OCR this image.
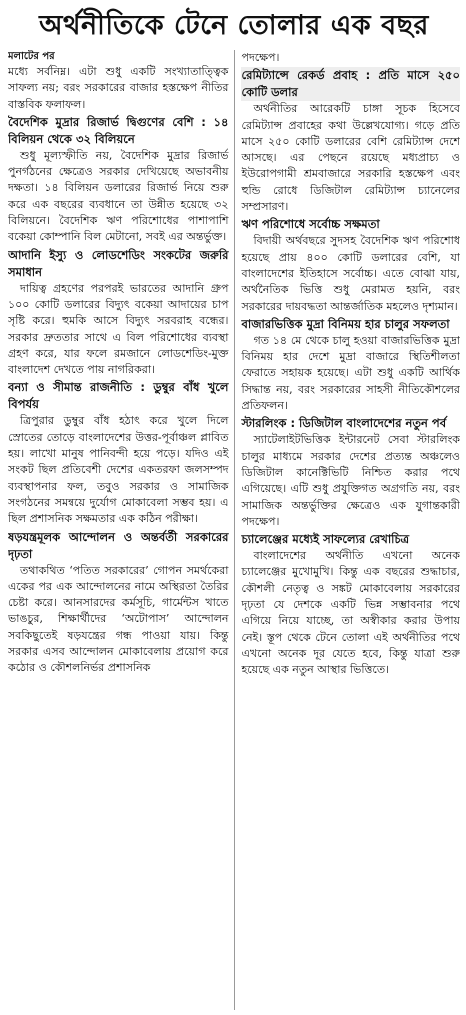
অর্থনীতিকে টেনে তোলার এক বছর
মলাটের পর

মধ্যে সর্বনিম্ন। এটা শুধু একটি সংখ্যাতাত্ত্বিক সাফল্য নয়; বরং সরকারের বাজার হস্তক্ষেপ নীতির বাস্তবিক ফলাফল।

বৈদেশিক মুদ্রার রিজার্ভ দ্বিগুণের বেশি : ১৪ বিলিয়ন থেকে ৩২ বিলিয়নে

শুধু মূল্যস্ফীতি নয়, বৈদেশিক মুদ্রার রিজার্ভ পুনর্গঠনের ক্ষেত্রেও সরকার দেখিয়েছে অভাবনীয় দক্ষতা। ১৪ বিলিয়ন ডলারের রিজার্ভ নিয়ে শুরু করে এক বছরের ব্যবধানে তা উন্নীত হয়েছে ৩২ বিলিয়নে। বৈদেশিক ঋণ পরিশোধের পাশাপাশি বকেয়া কোম্পানি বিল মেটানো, সবই এর অন্তর্ভুক্ত।

আদানি ইস্যু ও লোডশেডিং সংকটের জরুরি সমাধান

দায়িত্ব গ্রহণের পরপরই ভারতের আদানি গ্রুপ ১০০ কোটি ডলারের বিদ্যুৎ বকেয়া আদায়ের চাপ সৃষ্টি করে। হুমকি আসে বিদ্যুৎ সরবরাহ বন্ধের। সরকার দ্রুততার সাথে এ বিল পরিশোধের ব্যবস্থা গ্রহণ করে, যার ফলে রমজানে লোডশেডিং-মুক্ত বাংলাদেশ দেখতে পায় নাগরিকরা।

বন্যা ও সীমান্ত রাজনীতি : ডুম্বুর বাঁধ খুলে বিপর্যয়

ত্রিপুরার ডুম্বুর বাঁধ হঠাৎ করে খুলে দিলে স্রোতের তোড়ে বাংলাদেশের উত্তর-পূর্বাঞ্চল প্লাবিত হয়। লাখো মানুষ পানিবন্দী হয়ে পড়ে। যদিও এই সংকট ছিল প্রতিবেশী দেশের একতরফা জলসম্পদ ব্যবস্থাপনার ফল, তবুও সরকার ও সামাজিক সংগঠনের সমন্বয়ে দুর্যোগ মোকাবেলা সম্ভব হয়। এ ছিল প্রশাসনিক সক্ষমতার এক কঠিন পরীক্ষা।

ষড়যন্ত্রমূলক আন্দোলন ও অন্তর্বর্তী সরকারের দৃঢ়তা

তথাকথিত ‘পতিত সরকারের’ গোপন সমর্থকেরা একের পর এক আন্দোলনের নামে অস্থিরতা তৈরির চেষ্টা করে। আনসারদের কর্মসূচি, গার্মেন্টস খাতে ভাঙচুর, শিক্ষার্থীদের ‘অটোপাস’ আন্দোলন সবকিছুতেই ষড়যন্ত্রের গন্ধ পাওয়া যায়। কিন্তু সরকার এসব আন্দোলন মোকাবেলায় প্রয়োগ করে কঠোর ও কৌশলনির্ভর প্রশাসনিক

পদক্ষেপ।

রেমিট্যান্সে রেকর্ড প্রবাহ : প্রতি মাসে ২৫০ কোটি ডলার

অর্থনীতির আরেকটি চাঙ্গা সূচক হিসেবে রেমিট্যান্স প্রবাহের কথা উল্লেখযোগ্য। গড়ে প্রতি মাসে ২৫০ কোটি ডলারের বেশি রেমিট্যান্স দেশে আসছে। এর পেছনে রয়েছে মধ্যপ্রাচ্য ও ইউরোপগামী শ্রমবাজারে সরকারি হস্তক্ষেপ এবং হুন্ডি রোধে ডিজিটাল রেমিট্যান্স চ্যানেলের সম্প্রসারণ।

ঋণ পরিশোধে সর্বোচ্চ সক্ষমতা

বিদায়ী অর্থবছরে সুদসহ বৈদেশিক ঋণ পরিশোধ হয়েছে প্রায় ৪০০ কোটি ডলারের বেশি, যা বাংলাদেশের ইতিহাসে সর্বোচ্চ। এতে বোঝা যায়, অর্থনৈতিক ভিত্তি শুধু মেরামত হয়নি, বরং সরকারের দায়বদ্ধতা আন্তর্জাতিক মহলেও দৃশ্যমান।

বাজারভিত্তিক মুদ্রা বিনিময় হার চালুর সফলতা

গত ১৪ মে থেকে চালু হওয়া বাজারভিত্তিক মুদ্রা বিনিময় হার দেশে মুদ্রা বাজারে স্থিতিশীলতা ফেরাতে সহায়ক হয়েছে। এটা শুধু একটি আর্থিক সিদ্ধান্ত নয়, বরং সরকারের সাহসী নীতিকৌশলের প্রতিফলন।

স্টারলিংক : ডিজিটাল বাংলাদেশের নতুন পর্ব

স্যাটেলাইটভিত্তিক ইন্টারনেট সেবা স্টারলিংক চালুর মাধ্যমে সরকার দেশের প্রত্যন্ত অঞ্চলেও ডিজিটাল কানেক্টিভিটি নিশ্চিত করার পথে এগিয়েছে। এটি শুধু প্রযুক্তিগত অগ্রগতি নয়, বরং সামাজিক অন্তর্ভুক্তির ক্ষেত্রেও এক যুগান্তকারী পদক্ষেপ।

চ্যালেঞ্জের মধ্যেই সাফল্যের রেখাচিত্র

বাংলাদেশের অর্থনীতি এখনো অনেক চ্যালেঞ্জের মুখোমুখি। কিন্তু এক বছরের শুদ্ধাচার, কৌশলী নেতৃত্ব ও সঙ্কট মোকাবেলায় সরকারের দৃঢ়তা যে দেশকে একটি ভিন্ন সম্ভাবনার পথে এগিয়ে নিয়ে যাচ্ছে, তা অস্বীকার করার উপায় নেই। স্তূপ থেকে টেনে তোলা এই অর্থনীতির পথে এখনো অনেক দূর যেতে হবে, কিন্তু যাত্রা শুরু হয়েছে এক নতুন আস্থার ভিত্তিতে।
